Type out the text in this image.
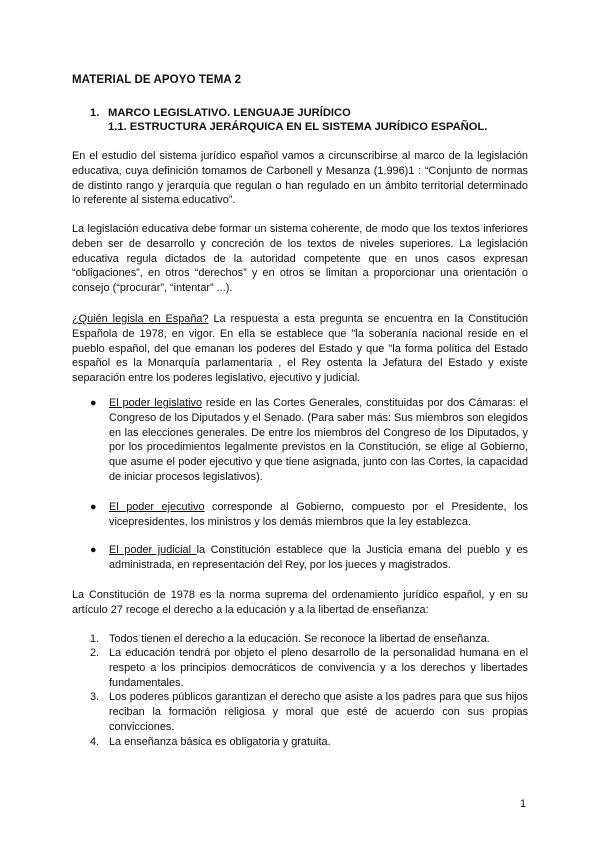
MATERIAL DE APOYO TEMA 2
1. MARCO LEGISLATIVO. LENGUAJE JURÍDICO
1.1. ESTRUCTURA JERÁRQUICA EN EL SISTEMA JURÍDICO ESPAÑOL.

En el estudio del sistema jurídico español vamos a circunscribirse al marco de la legislación educativa, cuya definición tomamos de Carbonell y Mesanza (1.996)1 : “Conjunto de normas de distinto rango y jerarquía que regulan o han regulado en un ámbito territorial determinado lo referente al sistema educativo”.

La legislación educativa debe formar un sistema coherente, de modo que los textos inferiores deben ser de desarrollo y concreción de los textos de niveles superiores. La legislación educativa regula dictados de la autoridad competente que en unos casos expresan “obligaciones”, en otros “derechos” y en otros se limitan a proporcionar una orientación o consejo (“procurar”, “intentar” ...).

¿Quién legisla en España? La respuesta a esta pregunta se encuentra en la Constitución Española de 1978, en vigor. En ella se establece que "la soberanía nacional reside en el pueblo español, del que emanan los poderes del Estado y que "la forma política del Estado español es la Monarquía parlamentaria , el Rey ostenta la Jefatura del Estado y existe separación entre los poderes legislativo, ejecutivo y judicial.

●	El poder legislativo reside en las Cortes Generales, constituidas por dos Cámaras: el Congreso de los Diputados y el Senado. (Para saber más: Sus miembros son elegidos en las elecciones generales. De entre los miembros del Congreso de los Diputados, y por los procedimientos legalmente previstos en la Constitución, se elige al Gobierno, que asume el poder ejecutivo y que tiene asignada, junto con las Cortes, la capacidad de iniciar procesos legislativos).
●	El poder ejecutivo corresponde al Gobierno, compuesto por el Presidente, los vicepresidentes, los ministros y los demás miembros que la ley establezca.
●	El poder judicial la Constitución establece que la Justicia emana del pueblo y es administrada, en representación del Rey, por los jueces y magistrados.

La Constitución de 1978 es la norma suprema del ordenamiento jurídico español, y en su artículo 27 recoge el derecho a la educación y a la libertad de enseñanza:

1. Todos tienen el derecho a la educación. Se reconoce la libertad de enseñanza.
2. La educación tendrá por objeto el pleno desarrollo de la personalidad humana en el respeto a los principios democráticos de convivencia y a los derechos y libertades fundamentales.
3. Los poderes públicos garantizan el derecho que asiste a los padres para que sus hijos reciban la formación religiosa y moral que esté de acuerdo con sus propias convicciones.
4. La enseñanza básica es obligatoria y gratuita.
1
